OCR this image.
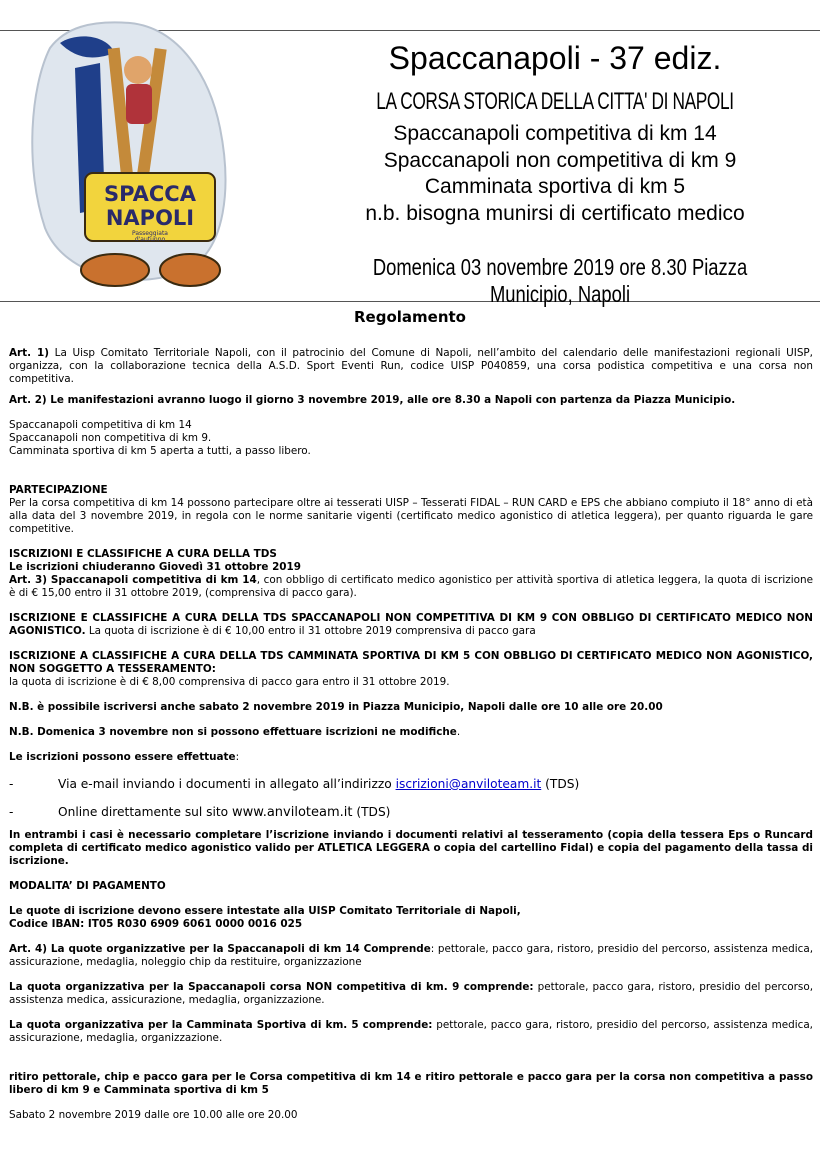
SPACCA
NAPOLI
Passeggiata
d'autunno
Spaccanapoli - 37 ediz.
LA CORSA STORICA DELLA CITTA' DI NAPOLI
Spaccanapoli competitiva di km 14
Spaccanapoli non competitiva di km 9
Camminata sportiva di km 5
n.b. bisogna munirsi di certificato medico
Domenica 03 novembre 2019 ore 8.30 Piazza Municipio, Napoli
Regolamento

Art. 1) La Uisp Comitato Territoriale Napoli, con il patrocinio del Comune di Napoli, nell’ambito del calendario delle manifestazioni regionali UISP, organizza, con la collaborazione tecnica della A.S.D. Sport Eventi Run, codice UISP P040859, una corsa podistica competitiva e una corsa non competitiva.

Art. 2) Le manifestazioni avranno luogo il giorno 3 novembre 2019, alle ore 8.30 a Napoli con partenza da Piazza Municipio.

Spaccanapoli competitiva di km 14

Spaccanapoli non competitiva di km 9.

Camminata sportiva di km 5 aperta a tutti, a passo libero.

PARTECIPAZIONE

Per la corsa competitiva di km 14 possono partecipare oltre ai tesserati UISP – Tesserati FIDAL – RUN CARD e EPS che abbiano compiuto il 18° anno di età alla data del 3 novembre 2019, in regola con le norme sanitarie vigenti (certificato medico agonistico di atletica leggera), per quanto riguarda le gare competitive.

ISCRIZIONI E CLASSIFICHE A CURA DELLA TDS

Le iscrizioni chiuderanno Giovedì 31 ottobre 2019

Art. 3) Spaccanapoli competitiva di km 14, con obbligo di certificato medico agonistico per attività sportiva di atletica leggera, la quota di iscrizione è di € 15,00 entro il 31 ottobre 2019, (comprensiva di pacco gara).

ISCRIZIONE E CLASSIFICHE A CURA DELLA TDS SPACCANAPOLI NON COMPETITIVA DI KM 9 CON OBBLIGO DI CERTIFICATO MEDICO NON AGONISTICO. La quota di iscrizione è di € 10,00 entro il 31 ottobre 2019 comprensiva di pacco gara

ISCRIZIONE A CLASSIFICHE A CURA DELLA TDS CAMMINATA SPORTIVA DI KM 5 CON OBBLIGO DI CERTIFICATO MEDICO NON AGONISTICO, NON SOGGETTO A TESSERAMENTO:

la quota di iscrizione è di € 8,00 comprensiva di pacco gara entro il 31 ottobre 2019.

N.B. è possibile iscriversi anche sabato 2 novembre 2019 in Piazza Municipio, Napoli dalle ore 10 alle ore 20.00

N.B. Domenica 3 novembre non si possono effettuare iscrizioni ne modifiche.

Le iscrizioni possono essere effettuate:

-	Via e-mail inviando i documenti in allegato all’indirizzo iscrizioni@anviloteam.it (TDS)
-	Online direttamente sul sito www.anviloteam.it (TDS)

In entrambi i casi è necessario completare l’iscrizione inviando i documenti relativi al tesseramento (copia della tessera Eps o Runcard completa di certificato medico agonistico valido per ATLETICA LEGGERA o copia del cartellino Fidal) e copia del pagamento della tassa di iscrizione.

MODALITA’ DI PAGAMENTO

Le quote di iscrizione devono essere intestate alla UISP Comitato Territoriale di Napoli,

Codice IBAN: IT05 R030 6909 6061 0000 0016 025

Art. 4) La quote organizzative per la Spaccanapoli di km 14 Comprende: pettorale, pacco gara, ristoro, presidio del percorso, assistenza medica, assicurazione, medaglia, noleggio chip da restituire, organizzazione

La quota organizzativa per la Spaccanapoli corsa NON competitiva di km. 9 comprende: pettorale, pacco gara, ristoro, presidio del percorso, assistenza medica, assicurazione, medaglia, organizzazione.

La quota organizzativa per la Camminata Sportiva di km. 5 comprende: pettorale, pacco gara, ristoro, presidio del percorso, assistenza medica, assicurazione, medaglia, organizzazione.

ritiro pettorale, chip e pacco gara per le Corsa competitiva di km 14 e ritiro pettorale e pacco gara per la corsa non competitiva a passo libero di km 9 e Camminata sportiva di km 5

Sabato 2 novembre 2019 dalle ore 10.00 alle ore 20.00
